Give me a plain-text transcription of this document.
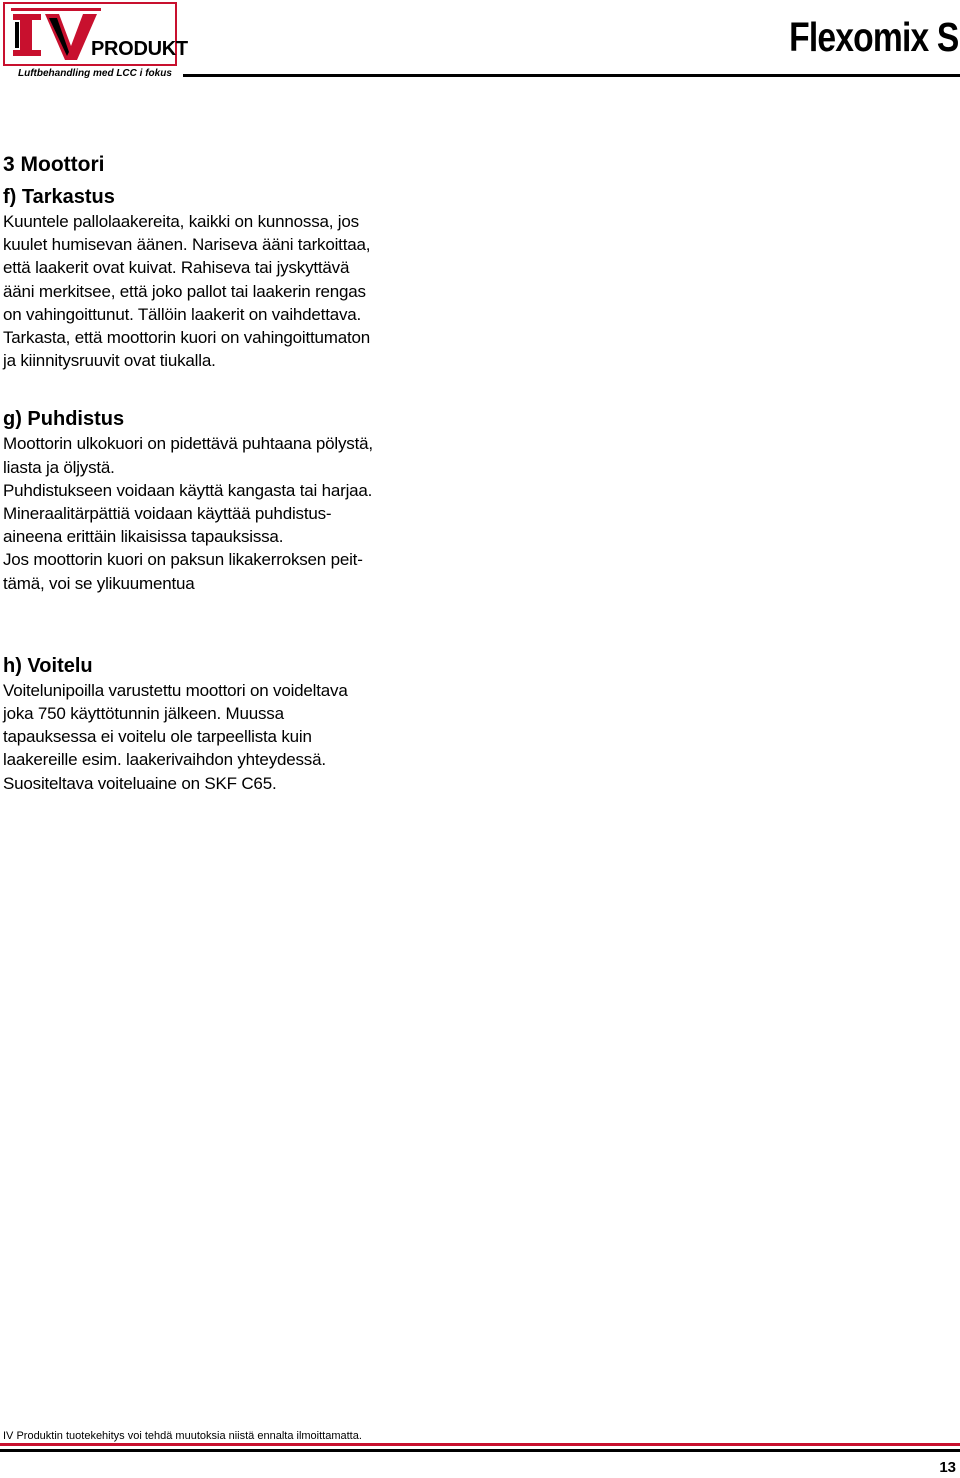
PRODUKT
Luftbehandling med LCC i fokus
Flexomix S
3 Moottori
f) Tarkastus

Kuuntele pallolaakereita, kaikki on kunnossa, jos

kuulet humisevan äänen. Nariseva ääni tarkoittaa,

että laakerit ovat kuivat. Rahiseva tai jyskyttävä

ääni merkitsee, että joko pallot tai laakerin rengas

on vahingoittunut. Tällöin laakerit on vaihdettava.

Tarkasta, että moottorin kuori on vahingoittumaton

ja kiinnitysruuvit ovat tiukalla.

g) Puhdistus

Moottorin ulkokuori on pidettävä puhtaana pölystä,

liasta ja öljystä.

Puhdistukseen voidaan käyttä kangasta tai harjaa.

Mineraalitärpättiä voidaan käyttää puhdistus-

aineena erittäin likaisissa tapauksissa.

Jos moottorin kuori on paksun likakerroksen peit-

tämä, voi se ylikuumentua

h) Voitelu

Voitelunipoilla varustettu moottori on voideltava

joka 750 käyttötunnin jälkeen. Muussa

tapauksessa ei voitelu ole tarpeellista kuin

laakereille esim. laakerivaihdon yhteydessä.

Suositeltava voiteluaine on SKF C65.

IV Produktin tuotekehitys voi tehdä muutoksia niistä ennalta ilmoittamatta.
13
